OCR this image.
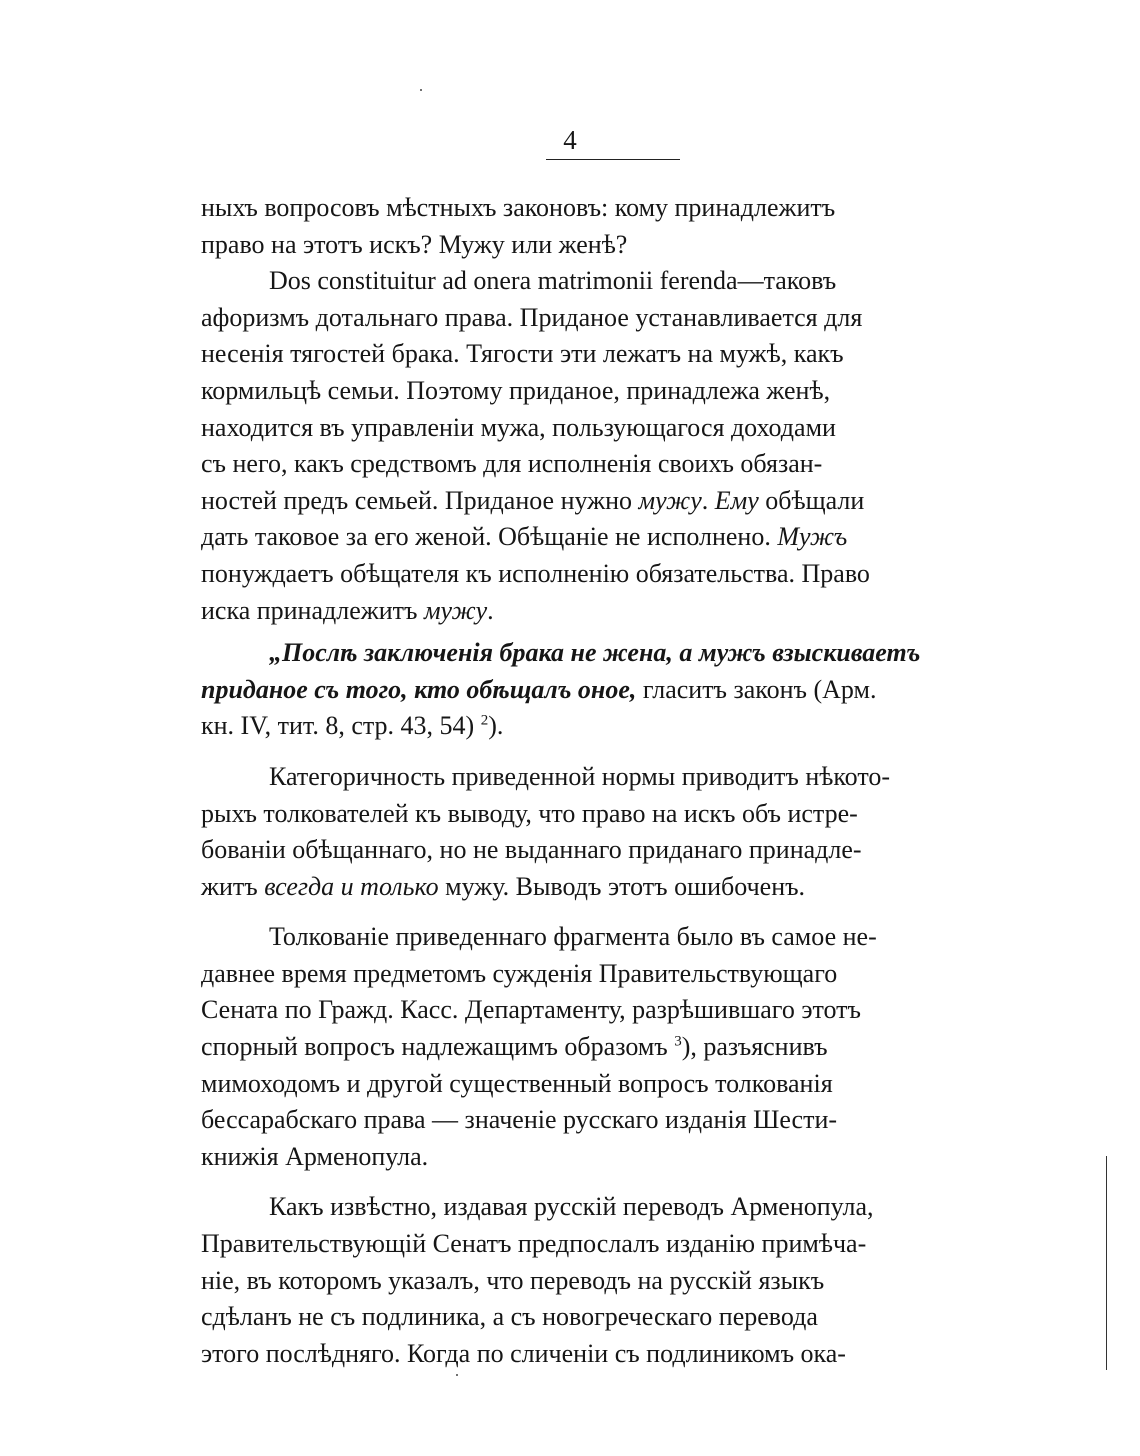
4

ныхъ вопросовъ мѣстныхъ законовъ: кому принадлежитъ
право на этотъ искъ? Мужу или женѣ?

Dos constituitur ad onera matrimonii ferenda—таковъ
афоризмъ дотальнаго права. Приданое устанавливается для
несенія тягостей брака. Тягости эти лежатъ на мужѣ, какъ
кормильцѣ семьи. Поэтому приданое, принадлежа женѣ,
находится въ управленіи мужа, пользующагося доходами
съ него, какъ средствомъ для исполненія своихъ обязан-
ностей предъ семьей. Приданое нужно мужу. Ему обѣщали
дать таковое за его женой. Обѣщаніе не исполнено. Мужъ
понуждаетъ обѣщателя къ исполненію обязательства. Право
иска принадлежитъ мужу.

„Послѣ заключенія брака не жена, а мужъ взыскиваетъ
приданое съ того, кто обѣщалъ оное, гласитъ законъ (Арм.
кн. IV, тит. 8, стр. 43, 54) $^2$).

Категоричность приведенной нормы приводитъ нѣкото-
рыхъ толкователей къ выводу, что право на искъ объ истре-
бованіи обѣщаннаго, но не выданнаго приданаго принадле-
житъ всегда и только мужу. Выводъ этотъ ошибоченъ.

Толкованіе приведеннаго фрагмента было въ самое не-
давнее время предметомъ сужденія Правительствующаго
Сената по Гражд. Касс. Департаменту, разрѣшившаго этотъ
спорный вопросъ надлежащимъ образомъ $^3$), разъяснивъ
мимоходомъ и другой существенный вопросъ толкованія
бессарабскаго права — значеніе русскаго изданія Шести-
книжія Арменопула.

Какъ извѣстно, издавая русскій переводъ Арменопула,
Правительствующій Сенатъ предпослалъ изданію примѣча-
ніе, въ которомъ указалъ, что переводъ на русскій языкъ
сдѣланъ не съ подлиника, а съ новогреческаго перевода
этого послѣдняго. Когда по сличеніи съ подлиникомъ ока-
